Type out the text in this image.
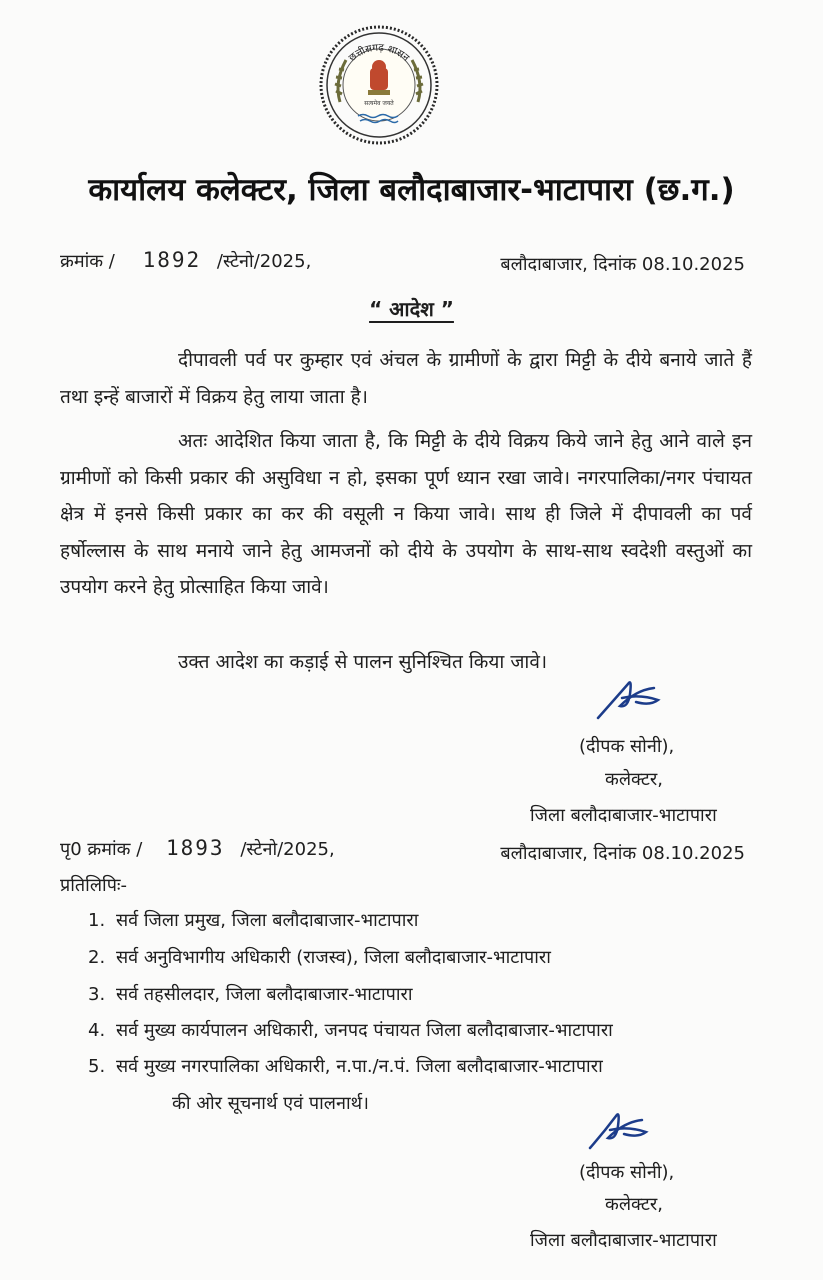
छत्तीसगढ़ शासन
सत्यमेव जयते
कार्यालय कलेक्टर, जिला बलौदाबाजार-भाटापारा (छ.ग.)
क्रमांक / 1892 /स्टेनो/2025,	बलौदाबाजार, दिनांक 08.10.2025
“ आदेश ”
दीपावली पर्व पर कुम्हार एवं अंचल के ग्रामीणों के द्वारा मिट्टी के दीये बनाये जाते हैं तथा इन्हें बाजारों में विक्रय हेतु लाया जाता है।
अतः आदेशित किया जाता है, कि मिट्टी के दीये विक्रय किये जाने हेतु आने वाले इन ग्रामीणों को किसी प्रकार की असुविधा न हो, इसका पूर्ण ध्यान रखा जावे। नगरपालिका/नगर पंचायत क्षेत्र में इनसे किसी प्रकार का कर की वसूली न किया जावे। साथ ही जिले में दीपावली का पर्व हर्षोल्लास के साथ मनाये जाने हेतु आमजनों को दीये के उपयोग के साथ-साथ स्वदेशी वस्तुओं का उपयोग करने हेतु प्रोत्साहित किया जावे।
उक्त आदेश का कड़ाई से पालन सुनिश्चित किया जावे।
(दीपक सोनी),
कलेक्टर,
जिला बलौदाबाजार-भाटापारा
पृ0 क्रमांक / 1893 /स्टेनो/2025,	बलौदाबाजार, दिनांक 08.10.2025
प्रतिलिपिः-
1. सर्व जिला प्रमुख, जिला बलौदाबाजार-भाटापारा
2. सर्व अनुविभागीय अधिकारी (राजस्व), जिला बलौदाबाजार-भाटापारा
3. सर्व तहसीलदार, जिला बलौदाबाजार-भाटापारा
4. सर्व मुख्य कार्यपालन अधिकारी, जनपद पंचायत जिला बलौदाबाजार-भाटापारा
5. सर्व मुख्य नगरपालिका अधिकारी, न.पा./न.पं. जिला बलौदाबाजार-भाटापारा
की ओर सूचनार्थ एवं पालनार्थ।
(दीपक सोनी),
कलेक्टर,
जिला बलौदाबाजार-भाटापारा
